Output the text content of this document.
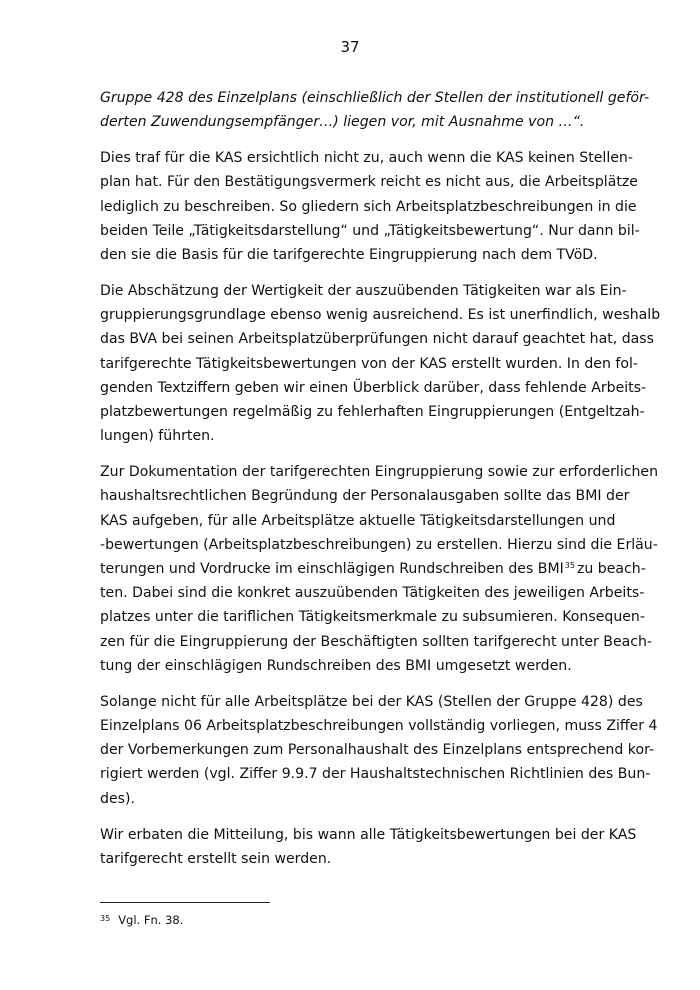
37
Gruppe 428 des Einzelplans (einschließlich der Stellen der institutionell geför-
derten Zuwendungsempfänger…) liegen vor, mit Ausnahme von …“.
Dies traf für die KAS ersichtlich nicht zu, auch wenn die KAS keinen Stellen-
plan hat. Für den Bestätigungsvermerk reicht es nicht aus, die Arbeitsplätze
lediglich zu beschreiben. So gliedern sich Arbeitsplatzbeschreibungen in die
beiden Teile „Tätigkeitsdarstellung“ und „Tätigkeitsbewertung“. Nur dann bil-
den sie die Basis für die tarifgerechte Eingruppierung nach dem TVöD.
Die Abschätzung der Wertigkeit der auszuübenden Tätigkeiten war als Ein-
gruppierungsgrundlage ebenso wenig ausreichend. Es ist unerfindlich, weshalb
das BVA bei seinen Arbeitsplatzüberprüfungen nicht darauf geachtet hat, dass
tarifgerechte Tätigkeitsbewertungen von der KAS erstellt wurden. In den fol-
genden Textziffern geben wir einen Überblick darüber, dass fehlende Arbeits-
platzbewertungen regelmäßig zu fehlerhaften Eingruppierungen (Entgeltzah-
lungen) führten.
Zur Dokumentation der tarifgerechten Eingruppierung sowie zur erforderlichen
haushaltsrechtlichen Begründung der Personalausgaben sollte das BMI der
KAS aufgeben, für alle Arbeitsplätze aktuelle Tätigkeitsdarstellungen und
-bewertungen (Arbeitsplatzbeschreibungen) zu erstellen. Hierzu sind die Erläu-
terungen und Vordrucke im einschlägigen Rundschreiben des BMI$^{35}$ zu beach-
ten. Dabei sind die konkret auszuübenden Tätigkeiten des jeweiligen Arbeits-
platzes unter die tariflichen Tätigkeitsmerkmale zu subsumieren. Konsequen-
zen für die Eingruppierung der Beschäftigten sollten tarifgerecht unter Beach-
tung der einschlägigen Rundschreiben des BMI umgesetzt werden.
Solange nicht für alle Arbeitsplätze bei der KAS (Stellen der Gruppe 428) des
Einzelplans 06 Arbeitsplatzbeschreibungen vollständig vorliegen, muss Ziffer 4
der Vorbemerkungen zum Personalhaushalt des Einzelplans entsprechend kor-
rigiert werden (vgl. Ziffer 9.9.7 der Haushaltstechnischen Richtlinien des Bun-
des).
Wir erbaten die Mitteilung, bis wann alle Tätigkeitsbewertungen bei der KAS
tarifgerecht erstellt sein werden.
$^{35}$ Vgl. Fn. 38.
